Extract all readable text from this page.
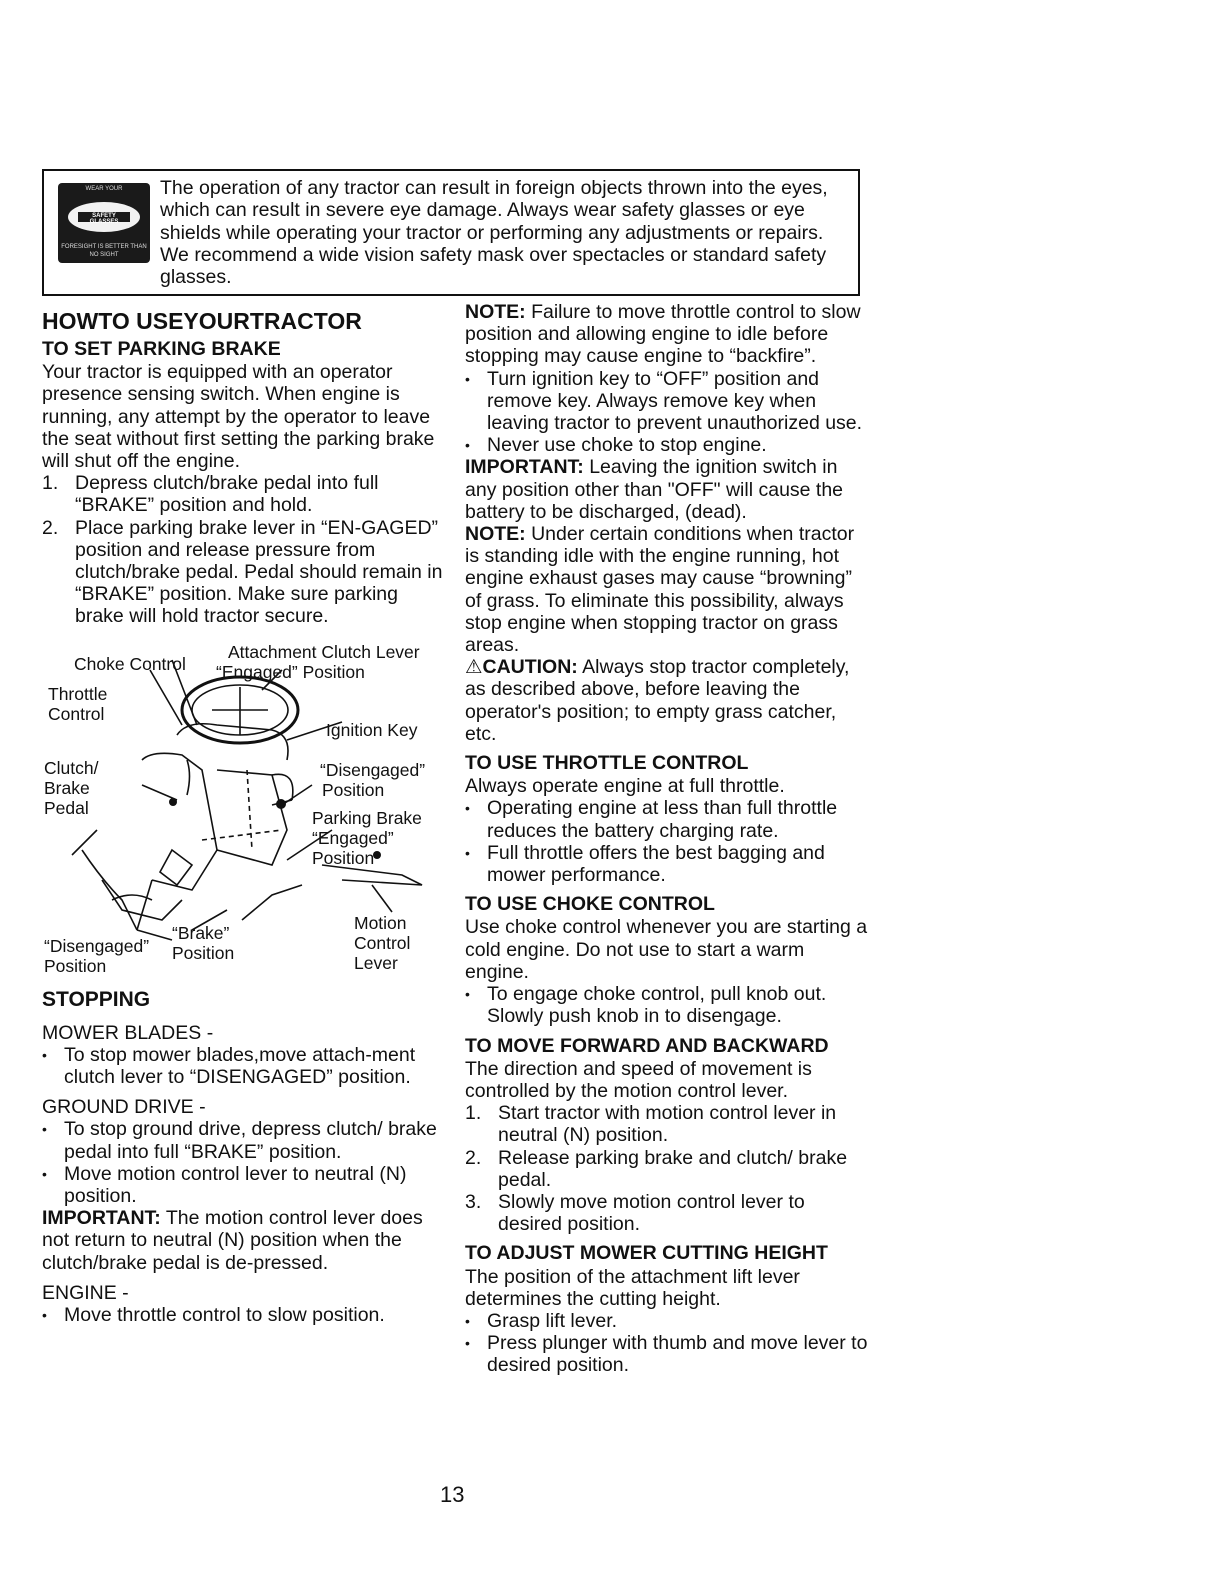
WEAR YOUR
SAFETY GLASSES
FORESIGHT IS BETTER THAN NO SIGHT
The operation of any tractor can result in foreign objects thrown into the eyes, which can result in severe eye damage. Always wear safety glasses or eye shields while operating your tractor or performing any adjustments or repairs. We recommend a wide vision safety mask over spectacles or standard safety glasses.
HOWTO USEYOURTRACTOR
TO SET PARKING BRAKE

Your tractor is equipped with an operator presence sensing switch. When engine is running, any attempt by the operator to leave the seat without first setting the parking brake will shut off the engine.

1. Depress clutch/brake pedal into full “BRAKE” position and hold.
2. Place parking brake lever in “EN-GAGED” position and release pressure from clutch/brake pedal. Pedal should remain in “BRAKE” position. Make sure parking brake will hold tractor secure.
Attachment Clutch Lever
Choke Control “Engaged” Position
Throttle
Control
Ignition Key
“Disengaged”
Position
Clutch/
Brake
Pedal	Parking Brake
“Engaged”
Position
Motion
Control
Lever
“Brake”
Position
“Disengaged”
Position
STOPPING

MOWER BLADES -

• To stop mower blades,move attach-ment clutch lever to “DISENGAGED” position.

GROUND DRIVE -

• To stop ground drive, depress clutch/ brake pedal into full “BRAKE” position.
• Move motion control lever to neutral (N) position.

IMPORTANT: The motion control lever does not return to neutral (N) position when the clutch/brake pedal is de-pressed.

ENGINE -

• Move throttle control to slow position.

NOTE: Failure to move throttle control to slow position and allowing engine to idle before stopping may cause engine to “backfire”.

• Turn ignition key to “OFF” position and remove key. Always remove key when leaving tractor to prevent unauthorized use.
• Never use choke to stop engine.

IMPORTANT: Leaving the ignition switch in any position other than "OFF" will cause the battery to be discharged, (dead).

NOTE: Under certain conditions when tractor is standing idle with the engine running, hot engine exhaust gases may cause “browning” of grass. To eliminate this possibility, always stop engine when stopping tractor on grass areas.

⚠CAUTION: Always stop tractor completely, as described above, before leaving the operator's position; to empty grass catcher, etc.

TO USE THROTTLE CONTROL

Always operate engine at full throttle.

• Operating engine at less than full throttle reduces the battery charging rate.
• Full throttle offers the best bagging and mower performance.
TO USE CHOKE CONTROL

Use choke control whenever you are starting a cold engine. Do not use to start a warm engine.

• To engage choke control, pull knob out. Slowly push knob in to disengage.
TO MOVE FORWARD AND BACKWARD

The direction and speed of movement is controlled by the motion control lever.

1. Start tractor with motion control lever in neutral (N) position.
2. Release parking brake and clutch/ brake pedal.
3. Slowly move motion control lever to desired position.
TO ADJUST MOWER CUTTING HEIGHT

The position of the attachment lift lever determines the cutting height.

• Grasp lift lever.
• Press plunger with thumb and move lever to desired position.
13
